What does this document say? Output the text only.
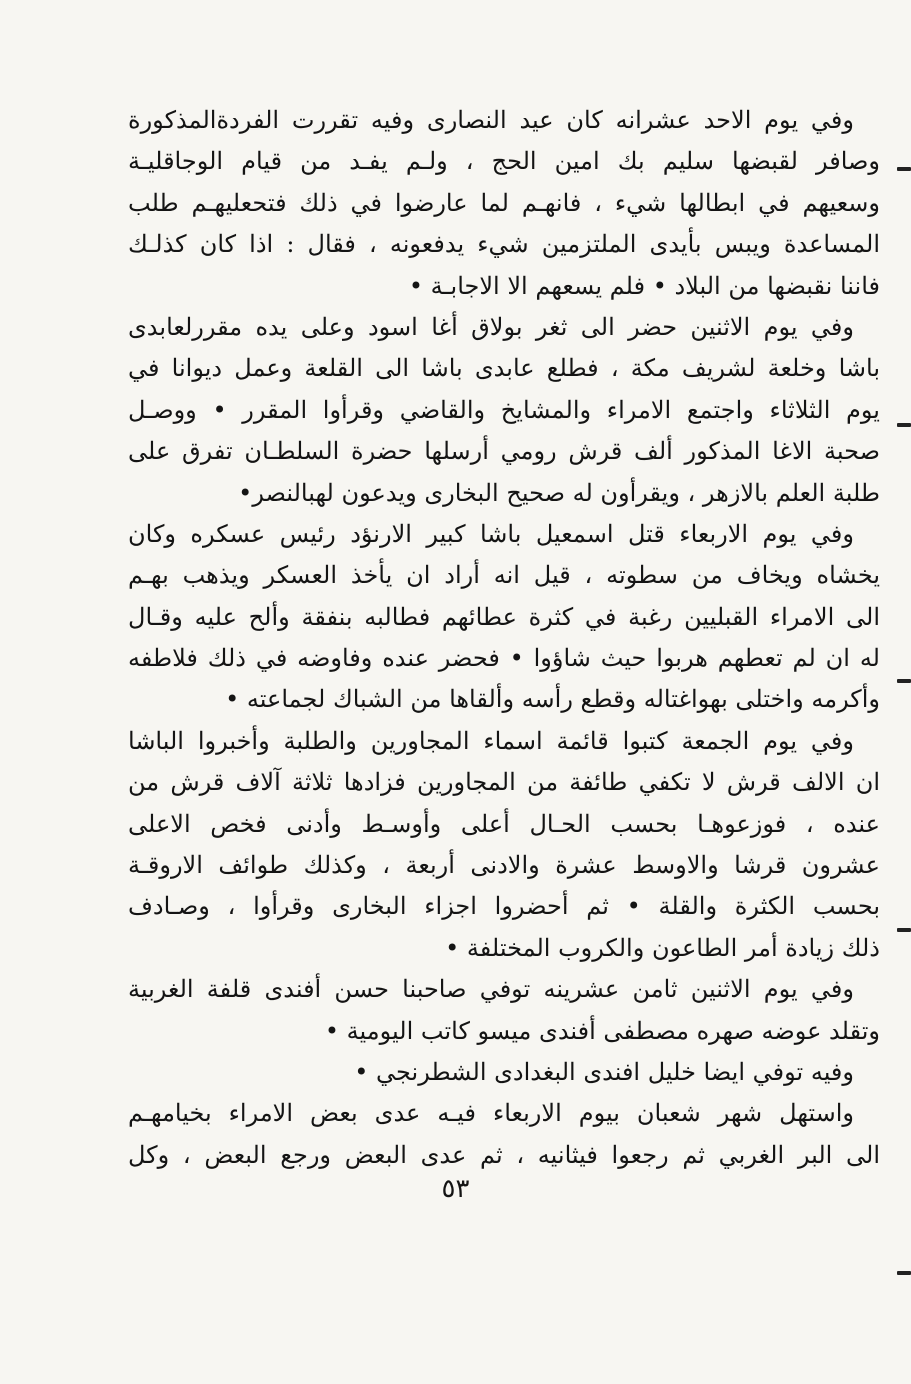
وفي يوم الاحد عشرانه كان عيد النصارى وفيه تقررت الفردةالمذكورة
وصافر لقبضها سليم بك امين الحج ، ولـم يفـد من قيام الوجاقليـة
وسعيهم في ابطالها شيء ، فانهـم لما عارضوا في ذلك فتحعليهـم طلب
المساعدة ويبس بأيدى الملتزمين شيء يدفعونه ، فقال : اذا كان كذلـك
فاننا نقبضها من البلاد • فلم يسعهم الا الاجابـة •
وفي يوم الاثنين حضر الى ثغر بولاق أغا اسود وعلى يده مقررلعابدى
باشا وخلعة لشريف مكة ، فطلع عابدى باشا الى القلعة وعمل ديوانا في
يوم الثلاثاء واجتمع الامراء والمشايخ والقاضي وقرأوا المقرر • ووصـل
صحبة الاغا المذكور ألف قرش رومي أرسلها حضرة السلطـان تفرق على
طلبة العلم بالازهر ، ويقرأون له صحيح البخارى ويدعون لهبالنصر•
وفي يوم الاربعاء قتل اسمعيل باشا كبير الارنؤد رئيس عسكره وكان
يخشاه ويخاف من سطوته ، قيل انه أراد ان يأخذ العسكر ويذهب بهـم
الى الامراء القبليين رغبة في كثرة عطائهم فطالبه بنفقة وألح عليه وقـال
له ان لم تعطهم هربوا حيث شاؤوا • فحضر عنده وفاوضه في ذلك فلاطفه
وأكرمه واختلى بهواغتاله وقطع رأسه وألقاها من الشباك لجماعته •
وفي يوم الجمعة كتبوا قائمة اسماء المجاورين والطلبة وأخبروا الباشا
ان الالف قرش لا تكفي طائفة من المجاورين فزادها ثلاثة آلاف قرش من
عنده ، فوزعوهـا بحسب الحـال أعلى وأوسـط وأدنى فخص الاعلى
عشرون قرشا والاوسط عشرة والادنى أربعة ، وكذلك طوائف الاروقـة
بحسب الكثرة والقلة • ثم أحضروا اجزاء البخارى وقرأوا ، وصـادف
ذلك زيادة أمر الطاعون والكروب المختلفة •
وفي يوم الاثنين ثامن عشرينه توفي صاحبنا حسن أفندى قلفة الغربية
وتقلد عوضه صهره مصطفى أفندى ميسو كاتب اليومية •
وفيه توفي ايضا خليل افندى البغدادى الشطرنجي •
واستهل شهر شعبان بيوم الاربعاء فيـه عدى بعض الامراء بخيامهـم
الى البر الغربي ثم رجعوا فيثانيه ، ثم عدى البعض ورجع البعض ، وكل
٥٣
